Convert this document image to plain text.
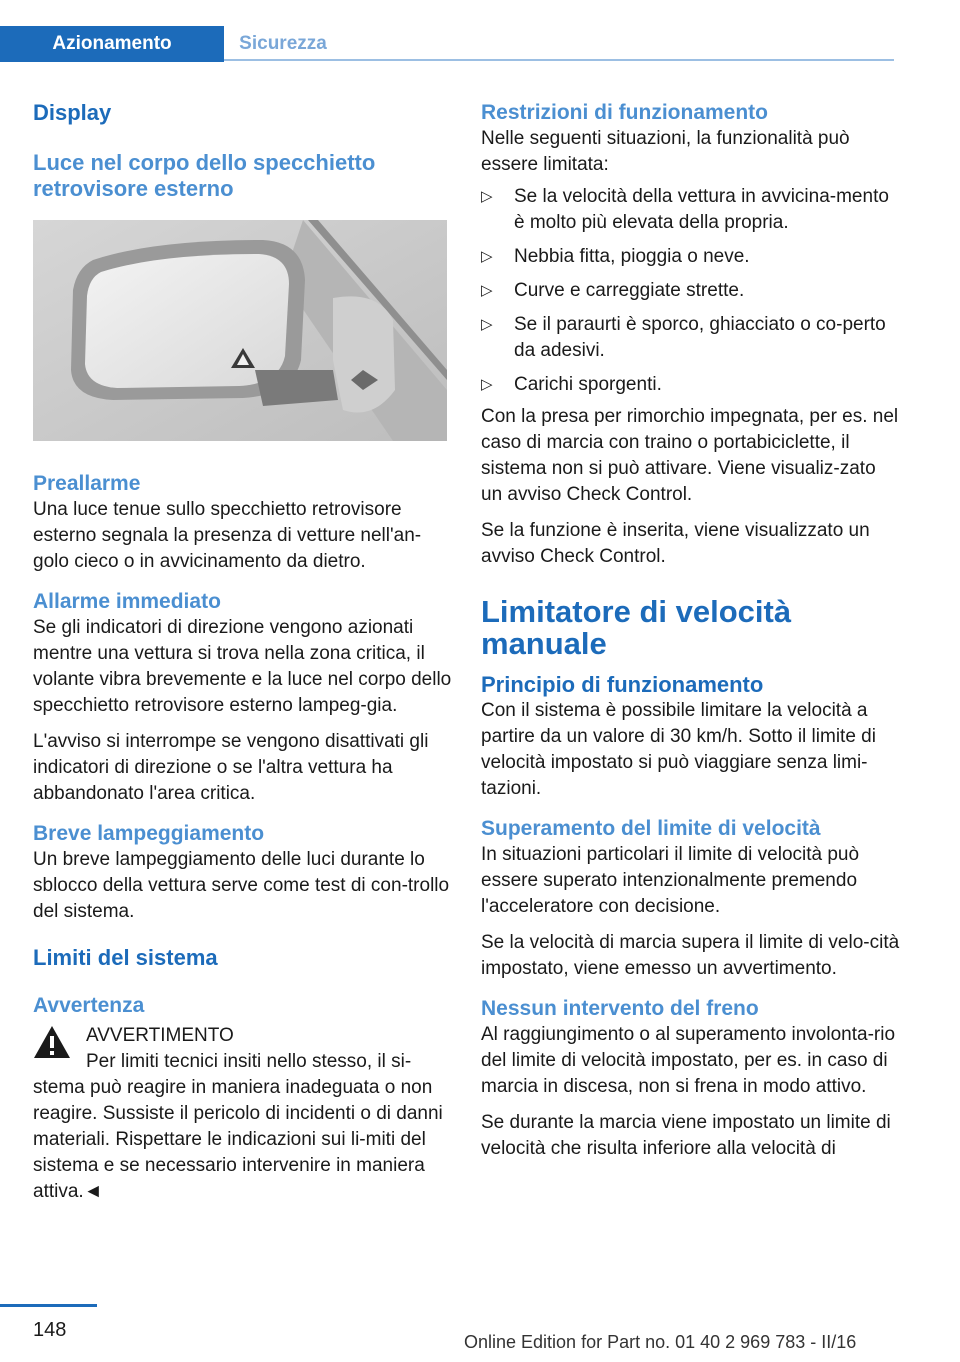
Azionamento	Sicurezza
Display
Luce nel corpo dello specchietto retrovisore esterno
Preallarme

Una luce tenue sullo specchietto retrovisore esterno segnala la presenza di vetture nell'an-golo cieco o in avvicinamento da dietro.

Allarme immediato

Se gli indicatori di direzione vengono azionati mentre una vettura si trova nella zona critica, il volante vibra brevemente e la luce nel corpo dello specchietto retrovisore esterno lampeg-gia.

L'avviso si interrompe se vengono disattivati gli indicatori di direzione o se l'altra vettura ha abbandonato l'area critica.

Breve lampeggiamento

Un breve lampeggiamento delle luci durante lo sblocco della vettura serve come test di con-trollo del sistema.

Limiti del sistema
Avvertenza
AVVERTIMENTO

Per limiti tecnici insiti nello stesso, il si-stema può reagire in maniera inadeguata o non reagire. Sussiste il pericolo di incidenti o di danni materiali. Rispettare le indicazioni sui li-miti del sistema e se necessario intervenire in maniera attiva.◄

Restrizioni di funzionamento

Nelle seguenti situazioni, la funzionalità può essere limitata:

▷ Se la velocità della vettura in avvicina-mento è molto più elevata della propria.
▷ Nebbia fitta, pioggia o neve.
▷ Curve e carreggiate strette.
▷ Se il paraurti è sporco, ghiacciato o co-perto da adesivi.
▷ Carichi sporgenti.

Con la presa per rimorchio impegnata, per es. nel caso di marcia con traino o portabiciclette, il sistema non si può attivare. Viene visualiz-zato un avviso Check Control.

Se la funzione è inserita, viene visualizzato un avviso Check Control.

Limitatore di velocità manuale
Principio di funzionamento

Con il sistema è possibile limitare la velocità a partire da un valore di 30 km/h. Sotto il limite di velocità impostato si può viaggiare senza limi-tazioni.

Superamento del limite di velocità

In situazioni particolari il limite di velocità può essere superato intenzionalmente premendo l'acceleratore con decisione.

Se la velocità di marcia supera il limite di velo-cità impostato, viene emesso un avvertimento.

Nessun intervento del freno

Al raggiungimento o al superamento involonta-rio del limite di velocità impostato, per es. in caso di marcia in discesa, non si frena in modo attivo.

Se durante la marcia viene impostato un limite di velocità che risulta inferiore alla velocità di

148
Online Edition for Part no. 01 40 2 969 783 - II/16
